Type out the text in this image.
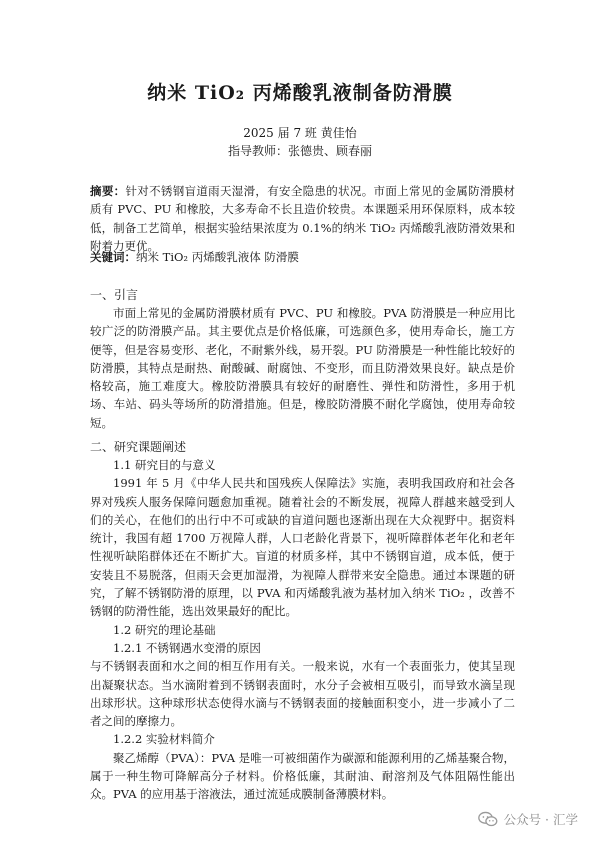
纳米 TiO₂ 丙烯酸乳液制备防滑膜
2025 届 7 班 黄佳怡
指导教师：张德贵、顾春丽

摘要：针对不锈钢盲道雨天湿滑，有安全隐患的状况。市面上常见的金属防滑膜材质有 PVC、PU 和橡胶，大多寿命不长且造价较贵。本课题采用环保原料，成本较低，制备工艺简单，根据实验结果浓度为 0.1%的纳米 TiO₂ 丙烯酸乳液防滑效果和附着力更优。

关键词：纳米 TiO₂ 丙烯酸乳液体 防滑膜

一、引言
市面上常见的金属防滑膜材质有 PVC、PU 和橡胶。PVA 防滑膜是一种应用比较广泛的防滑膜产品。其主要优点是价格低廉，可选颜色多，使用寿命长，施工方便等，但是容易变形、老化，不耐紫外线，易开裂。PU 防滑膜是一种性能比较好的防滑膜，其特点是耐热、耐酸碱、耐腐蚀、不变形，而且防滑效果良好。缺点是价格较高，施工难度大。橡胶防滑膜具有较好的耐磨性、弹性和防滑性，多用于机场、车站、码头等场所的防滑措施。但是，橡胶防滑膜不耐化学腐蚀，使用寿命较短。
二、研究课题阐述

1.1 研究目的与意义

1991 年 5 月《中华人民共和国残疾人保障法》实施，表明我国政府和社会各界对残疾人服务保障问题愈加重视。随着社会的不断发展，视障人群越来越受到人们的关心，在他们的出行中不可或缺的盲道问题也逐渐出现在大众视野中。据资料统计，我国有超 1700 万视障人群，人口老龄化背景下，视听障群体老年化和老年性视听缺陷群体还在不断扩大。盲道的材质多样，其中不锈钢盲道，成本低，便于安装且不易脱落，但雨天会更加湿滑，为视障人群带来安全隐患。通过本课题的研究，了解不锈钢防滑的原理，以 PVA 和丙烯酸乳液为基材加入纳米 TiO₂ ，改善不锈钢的防滑性能，选出效果最好的配比。

1.2 研究的理论基础

1.2.1 不锈钢遇水变滑的原因

与不锈钢表面和水之间的相互作用有关。一般来说，水有一个表面张力，使其呈现出凝聚状态。当水滴附着到不锈钢表面时，水分子会被相互吸引，而导致水滴呈现出球形状。这种球形状态使得水滴与不锈钢表面的接触面积变小，进一步减小了二者之间的摩擦力。

1.2.2 实验材料简介

聚乙烯醇（PVA）：PVA 是唯一可被细菌作为碳源和能源利用的乙烯基聚合物，属于一种生物可降解高分子材料。价格低廉，其耐油、耐溶剂及气体阻隔性能出众。PVA 的应用基于溶液法，通过流延成膜制备薄膜材料。

公众号 · 汇学
